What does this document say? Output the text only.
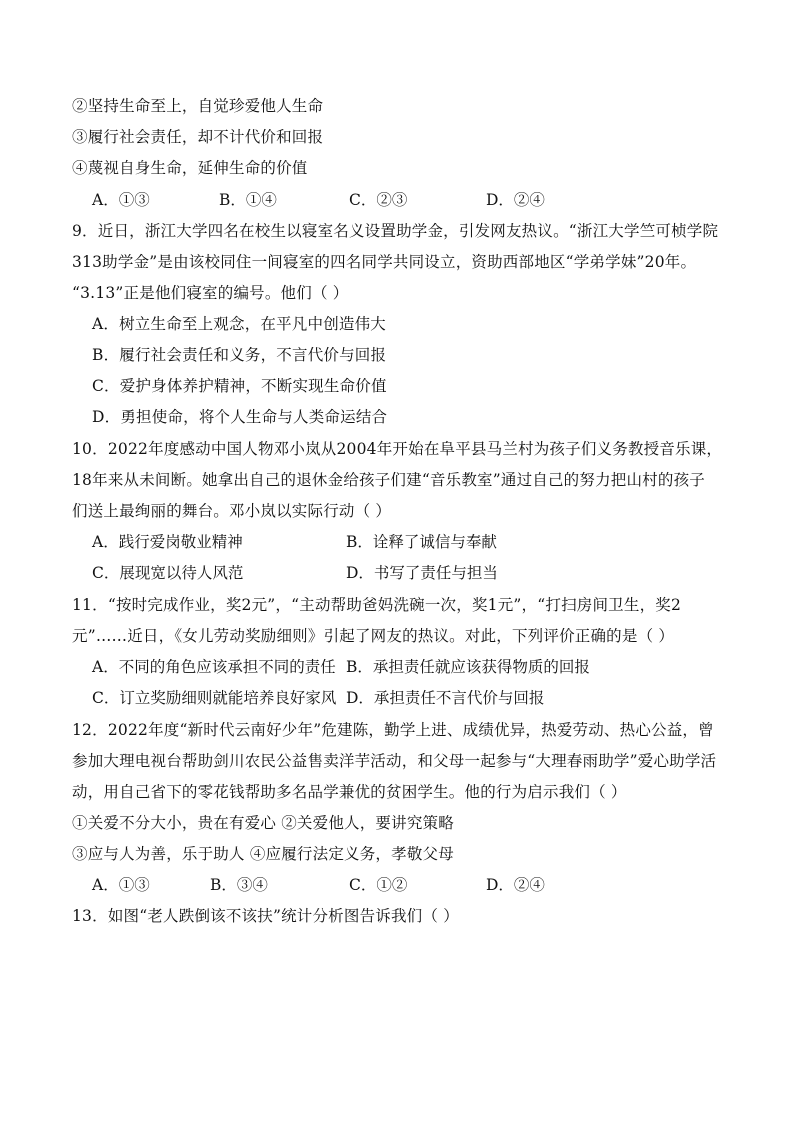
②坚持生命至上，自觉珍爱他人生命
③履行社会责任，却不计代价和回报
④蔑视自身生命，延伸生命的价值
A．①③	B．①④	C．②③	D．②④
9．近日，浙江大学四名在校生以寝室名义设置助学金，引发网友热议。“浙江大学竺可桢学院
313助学金”是由该校同住一间寝室的四名同学共同设立，资助西部地区“学弟学妹”20年。
“3.13”正是他们寝室的编号。他们（ ）
A．树立生命至上观念，在平凡中创造伟大
B．履行社会责任和义务，不言代价与回报
C．爱护身体养护精神，不断实现生命价值
D．勇担使命，将个人生命与人类命运结合
10．2022年度感动中国人物邓小岚从2004年开始在阜平县马兰村为孩子们义务教授音乐课，
18年来从未间断。她拿出自己的退休金给孩子们建“音乐教室”通过自己的努力把山村的孩子
们送上最绚丽的舞台。邓小岚以实际行动（ ）
A．践行爱岗敬业精神	B．诠释了诚信与奉献
C．展现宽以待人风范	D．书写了责任与担当
11．“按时完成作业，奖2元”，“主动帮助爸妈洗碗一次，奖1元”，“打扫房间卫生，奖2
元”……近日，《女儿劳动奖励细则》引起了网友的热议。对此，下列评价正确的是（ ）
A．不同的角色应该承担不同的责任 B．承担责任就应该获得物质的回报
C．订立奖励细则就能培养良好家风 D．承担责任不言代价与回报
12．2022年度“新时代云南好少年”危建陈，勤学上进、成绩优异，热爱劳动、热心公益，曾
参加大理电视台帮助剑川农民公益售卖洋芋活动，和父母一起参与“大理春雨助学”爱心助学活
动，用自己省下的零花钱帮助多名品学兼优的贫困学生。他的行为启示我们（ ）
①关爱不分大小，贵在有爱心 ②关爱他人，要讲究策略
③应与人为善，乐于助人 ④应履行法定义务，孝敬父母
A．①③	B．③④	C．①②	D．②④
13．如图“老人跌倒该不该扶”统计分析图告诉我们（ ）
